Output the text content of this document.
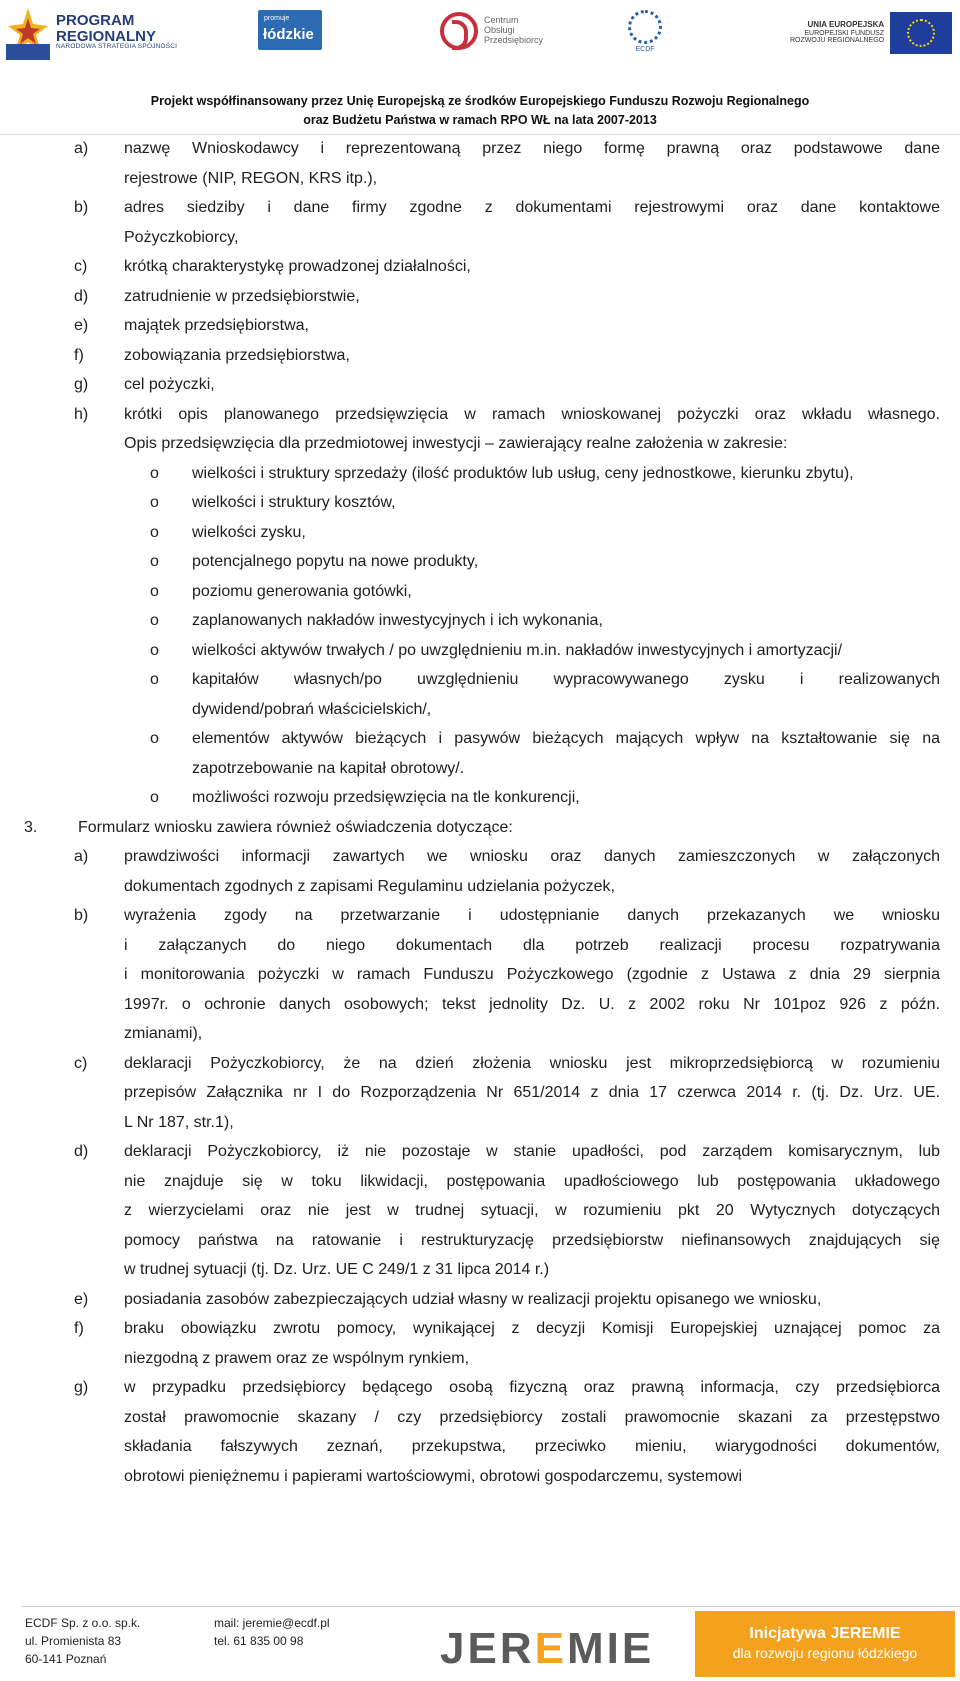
PROGRAM
REGIONALNY
NARODOWA STRATEGIA SPÓJNOŚCI
promuje
łódzkie
Centrum
Obsługi
Przedsiębiorcy
ECDF
UNIA EUROPEJSKA
EUROPEJSKI FUNDUSZ
ROZWOJU REGIONALNEGO
Projekt współfinansowany przez Unię Europejską ze środków Europejskiego Funduszu Rozwoju Regionalnego
oraz Budżetu Państwa w ramach RPO WŁ na lata 2007-2013
a) nazwę Wnioskodawcy i reprezentowaną przez niego formę prawną oraz podstawowe dane
rejestrowe (NIP, REGON, KRS itp.),
b) adres siedziby i dane firmy zgodne z dokumentami rejestrowymi oraz dane kontaktowe
Pożyczkobiorcy,
c) krótką charakterystykę prowadzonej działalności,
d) zatrudnienie w przedsiębiorstwie,
e) majątek przedsiębiorstwa,
f)	zobowiązania przedsiębiorstwa,
g) cel pożyczki,
h) krótki opis planowanego przedsięwzięcia w ramach wnioskowanej pożyczki oraz wkładu własnego.
Opis przedsięwzięcia dla przedmiotowej inwestycji – zawierający realne założenia w zakresie:
o wielkości i struktury sprzedaży (ilość produktów lub usług, ceny jednostkowe, kierunku zbytu),
o wielkości i struktury kosztów,
o wielkości zysku,
o potencjalnego popytu na nowe produkty,
o poziomu generowania gotówki,
o zaplanowanych nakładów inwestycyjnych i ich wykonania,
o wielkości aktywów trwałych / po uwzględnieniu m.in. nakładów inwestycyjnych i amortyzacji/
o kapitałów własnych/po uwzględnieniu wypracowywanego zysku i realizowanych
dywidend/pobrań właścicielskich/,
o elementów aktywów bieżących i pasywów bieżących mających wpływ na kształtowanie się na
zapotrzebowanie na kapitał obrotowy/.
o możliwości rozwoju przedsięwzięcia na tle konkurencji,
3.	Formularz wniosku zawiera również oświadczenia dotyczące:
a) prawdziwości informacji zawartych we wniosku oraz danych zamieszczonych w załączonych
dokumentach zgodnych z zapisami Regulaminu udzielania pożyczek,
b) wyrażenia zgody na przetwarzanie i udostępnianie danych przekazanych we wniosku
i załączanych do niego dokumentach dla potrzeb realizacji procesu rozpatrywania
i monitorowania pożyczki w ramach Funduszu Pożyczkowego (zgodnie z Ustawa z dnia 29 sierpnia
1997r. o ochronie danych osobowych; tekst jednolity Dz. U. z 2002 roku Nr 101poz 926 z późn.
zmianami),
c) deklaracji Pożyczkobiorcy, że na dzień złożenia wniosku jest mikroprzedsiębiorcą w rozumieniu
przepisów Załącznika nr I do Rozporządzenia Nr 651/2014 z dnia 17 czerwca 2014 r. (tj. Dz. Urz. UE.
L Nr 187, str.1),
d) deklaracji Pożyczkobiorcy, iż nie pozostaje w stanie upadłości, pod zarządem komisarycznym, lub
nie znajduje się w toku likwidacji, postępowania upadłościowego lub postępowania układowego
z wierzycielami oraz nie jest w trudnej sytuacji, w rozumieniu pkt 20 Wytycznych dotyczących
pomocy państwa na ratowanie i restrukturyzację przedsiębiorstw niefinansowych znajdujących się
w trudnej sytuacji (tj. Dz. Urz. UE C 249/1 z 31 lipca 2014 r.)
e) posiadania zasobów zabezpieczających udział własny w realizacji projektu opisanego we wniosku,
f)	braku obowiązku zwrotu pomocy, wynikającej z decyzji Komisji Europejskiej uznającej pomoc za
niezgodną z prawem oraz ze wspólnym rynkiem,
g) w przypadku przedsiębiorcy będącego osobą fizyczną oraz prawną informacja, czy przedsiębiorca
został prawomocnie skazany / czy przedsiębiorcy zostali prawomocnie skazani za przestępstwo
składania fałszywych zeznań, przekupstwa, przeciwko mieniu, wiarygodności dokumentów,
obrotowi pieniężnemu i papierami wartościowymi, obrotowi gospodarczemu, systemowi
ECDF Sp. z o.o. sp.k.
ul. Promienista 83
60-141 Poznań
mail: jeremie@ecdf.pl
tel. 61 835 00 98	JEREMIE	Inicjatywa JEREMIE
dla rozwoju regionu łódzkiego
